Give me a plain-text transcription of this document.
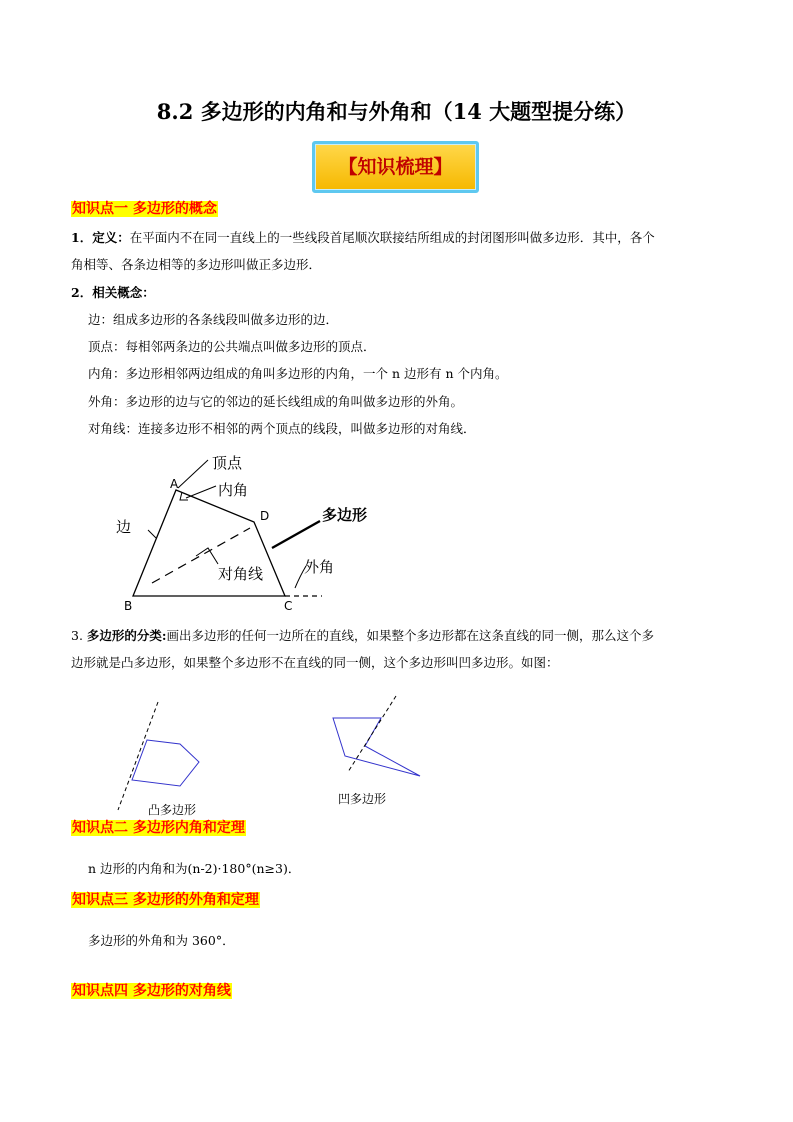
8.2 多边形的内角和与外角和（14 大题型提分练）
【知识梳理】
知识点一 多边形的概念
1．定义：在平面内不在同一直线上的一些线段首尾顺次联接结所组成的封闭图形叫做多边形．其中，各个
角相等、各条边相等的多边形叫做正多边形．
2．相关概念：
边：组成多边形的各条线段叫做多边形的边．
顶点：每相邻两条边的公共端点叫做多边形的顶点．
内角：多边形相邻两边组成的角叫多边形的内角，一个 n 边形有 n 个内角。
外角：多边形的边与它的邻边的延长线组成的角叫做多边形的外角。
对角线：连接多边形不相邻的两个顶点的线段，叫做多边形的对角线．
A
B	C
D
顶点
内角
多边形
边
对角线	外角
3. 多边形的分类:画出多边形的任何一边所在的直线，如果整个多边形都在这条直线的同一侧，那么这个多
边形就是凸多边形，如果整个多边形不在直线的同一侧，这个多边形叫凹多边形。如图：
凸多边形
凹多边形
知识点二 多边形内角和定理
n 边形的内角和为(n-2)·180°(n≥3)．
知识点三 多边形的外角和定理
多边形的外角和为 360°．
知识点四 多边形的对角线
